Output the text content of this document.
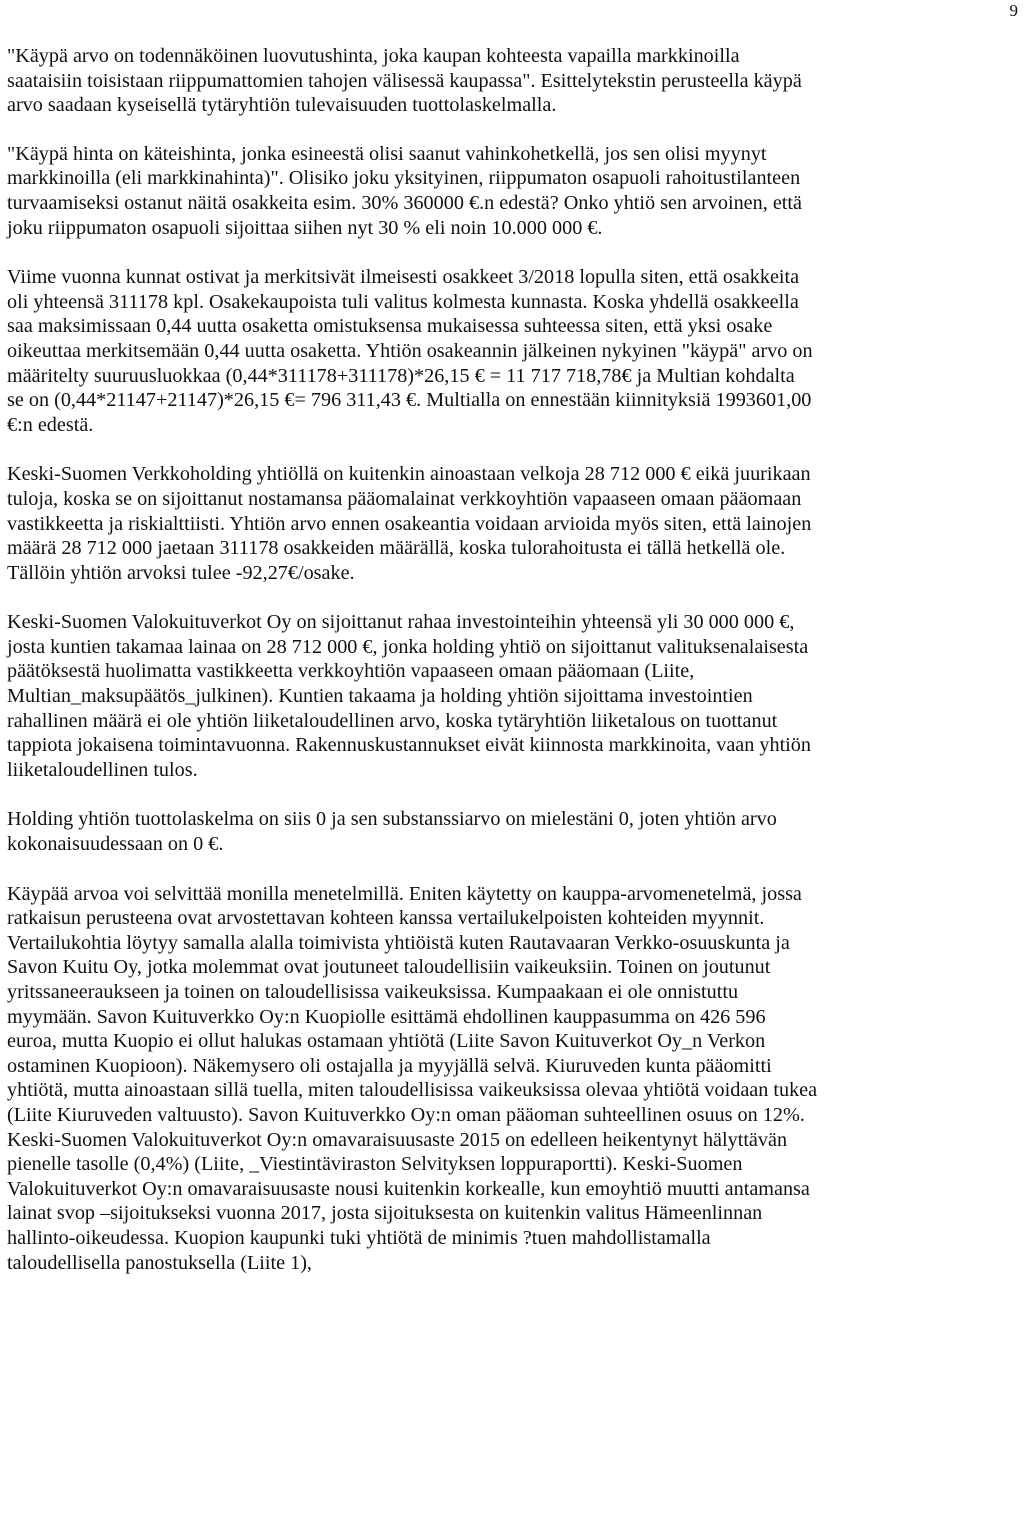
9

"Käypä arvo on todennäköinen luovutushinta, joka kaupan kohteesta vapailla markkinoilla
saataisiin toisistaan riippumattomien tahojen välisessä kaupassa". Esittelytekstin perusteella käypä
arvo saadaan kyseisellä tytäryhtiön tulevaisuuden tuottolaskelmalla.

"Käypä hinta on käteishinta, jonka esineestä olisi saanut vahinkohetkellä, jos sen olisi myynyt
markkinoilla (eli markkinahinta)". Olisiko joku yksityinen, riippumaton osapuoli rahoitustilanteen
turvaamiseksi ostanut näitä osakkeita esim. 30% 360000 €.n edestä? Onko yhtiö sen arvoinen, että
joku riippumaton osapuoli sijoittaa siihen nyt 30 % eli noin 10.000 000 €.

Viime vuonna kunnat ostivat ja merkitsivät ilmeisesti osakkeet 3/2018 lopulla siten, että osakkeita
oli yhteensä 311178 kpl. Osakekaupoista tuli valitus kolmesta kunnasta. Koska yhdellä osakkeella
saa maksimissaan 0,44 uutta osaketta omistuksensa mukaisessa suhteessa siten, että yksi osake
oikeuttaa merkitsemään 0,44 uutta osaketta. Yhtiön osakeannin jälkeinen nykyinen "käypä" arvo on
määritelty suuruusluokkaa (0,44*311178+311178)*26,15 € = 11 717 718,78€ ja Multian kohdalta
se on (0,44*21147+21147)*26,15 €= 796 311,43 €. Multialla on ennestään kiinnityksiä 1993601,00
€:n edestä.

Keski-Suomen Verkkoholding yhtiöllä on kuitenkin ainoastaan velkoja 28 712 000 € eikä juurikaan
tuloja, koska se on sijoittanut nostamansa pääomalainat verkkoyhtiön vapaaseen omaan pääomaan
vastikkeetta ja riskialttiisti. Yhtiön arvo ennen osakeantia voidaan arvioida myös siten, että lainojen
määrä 28 712 000 jaetaan 311178 osakkeiden määrällä, koska tulorahoitusta ei tällä hetkellä ole.
Tällöin yhtiön arvoksi tulee -92,27€/osake.

Keski-Suomen Valokuituverkot Oy on sijoittanut rahaa investointeihin yhteensä yli 30 000 000 €,
josta kuntien takamaa lainaa on 28 712 000 €, jonka holding yhtiö on sijoittanut valituksenalaisesta
päätöksestä huolimatta vastikkeetta verkkoyhtiön vapaaseen omaan pääomaan (Liite,
Multian_maksupäätös_julkinen). Kuntien takaama ja holding yhtiön sijoittama investointien
rahallinen määrä ei ole yhtiön liiketaloudellinen arvo, koska tytäryhtiön liiketalous on tuottanut
tappiota jokaisena toimintavuonna. Rakennuskustannukset eivät kiinnosta markkinoita, vaan yhtiön
liiketaloudellinen tulos.

Holding yhtiön tuottolaskelma on siis 0 ja sen substanssiarvo on mielestäni 0, joten yhtiön arvo
kokonaisuudessaan on 0 €.

Käypää arvoa voi selvittää monilla menetelmillä. Eniten käytetty on kauppa-arvomenetelmä, jossa
ratkaisun perusteena ovat arvostettavan kohteen kanssa vertailukelpoisten kohteiden myynnit.
Vertailukohtia löytyy samalla alalla toimivista yhtiöistä kuten Rautavaaran Verkko-osuuskunta ja
Savon Kuitu Oy, jotka molemmat ovat joutuneet taloudellisiin vaikeuksiin. Toinen on joutunut
yritssaneeraukseen ja toinen on taloudellisissa vaikeuksissa. Kumpaakaan ei ole onnistuttu
myymään. Savon Kuituverkko Oy:n Kuopiolle esittämä ehdollinen kauppasumma on 426 596
euroa, mutta Kuopio ei ollut halukas ostamaan yhtiötä (Liite Savon Kuituverkot Oy_n Verkon
ostaminen Kuopioon). Näkemysero oli ostajalla ja myyjällä selvä. Kiuruveden kunta pääomitti
yhtiötä, mutta ainoastaan sillä tuella, miten taloudellisissa vaikeuksissa olevaa yhtiötä voidaan tukea
(Liite Kiuruveden valtuusto). Savon Kuituverkko Oy:n oman pääoman suhteellinen osuus on 12%.
Keski-Suomen Valokuituverkot Oy:n omavaraisuusaste 2015 on edelleen heikentynyt hälyttävän
pienelle tasolle (0,4%) (Liite, _Viestintäviraston Selvityksen loppuraportti). Keski-Suomen
Valokuituverkot Oy:n omavaraisuusaste nousi kuitenkin korkealle, kun emoyhtiö muutti antamansa
lainat svop –sijoitukseksi vuonna 2017, josta sijoituksesta on kuitenkin valitus Hämeenlinnan
hallinto-oikeudessa. Kuopion kaupunki tuki yhtiötä de minimis ?tuen mahdollistamalla
taloudellisella panostuksella (Liite 1),
